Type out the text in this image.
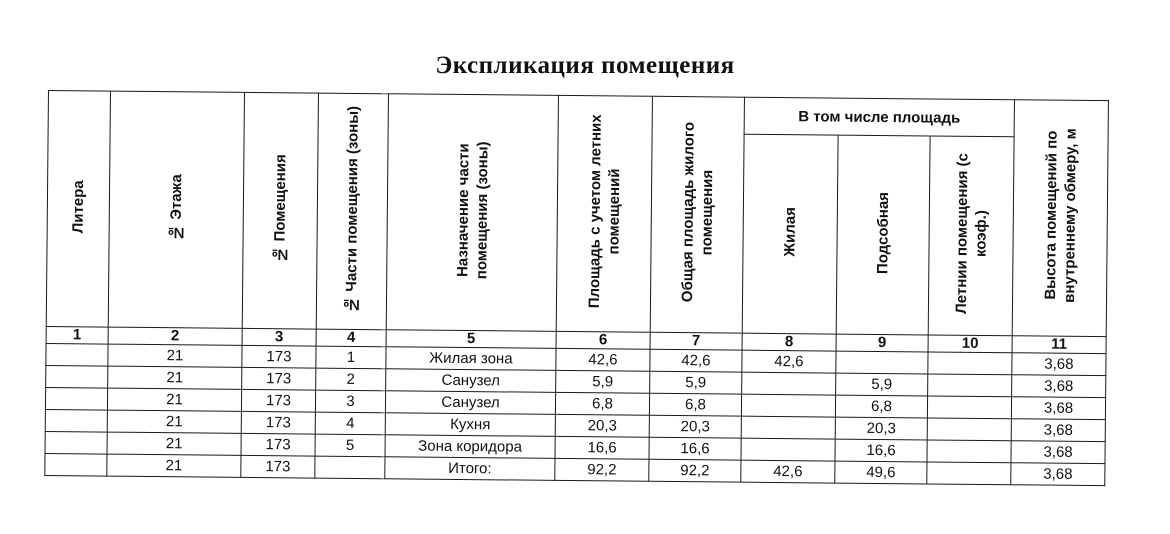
Экспликация помещения
Литера	№ Этажа	№ Помещения	№ Части помещения (зоны)	Назначение части помещения (зоны)	Площадь с учетом летних помещений	Общая площадь жилого помещения	В том числе площадь			Высота помещений по внутреннему обмеру, м
							Жилая	Подсобная	Летнии помещения (с коэф.)	
1	2	3	4	5	6	7	8	9	10	11
	21	173	1	Жилая зона	42,6	42,6	42,6			3,68
	21	173	2	Санузел	5,9	5,9		5,9		3,68
	21	173	3	Санузел	6,8	6,8		6,8		3,68
	21	173	4	Кухня	20,3	20,3		20,3		3,68
	21	173	5	Зона коридора	16,6	16,6		16,6		3,68
	21	173		Итого:	92,2	92,2	42,6	49,6		3,68
